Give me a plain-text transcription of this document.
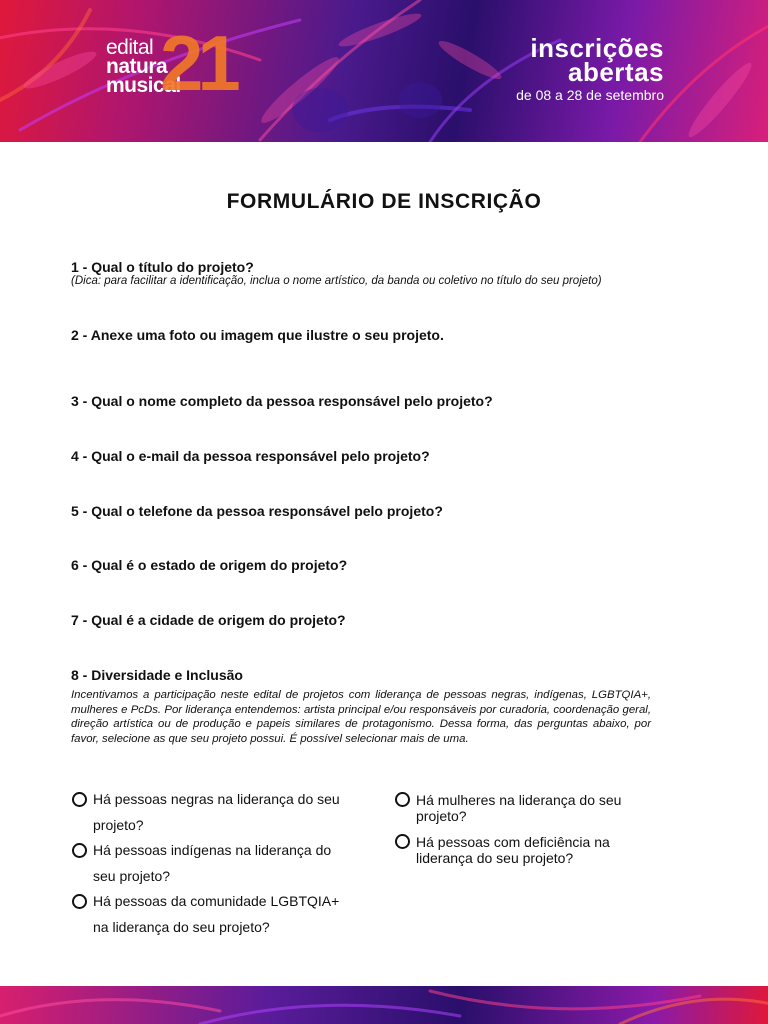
edital
natura
musical
21	inscrições
abertas
de 08 a 28 de setembro
FORMULÁRIO DE INSCRIÇÃO
1 - Qual o título do projeto?
(Dica: para facilitar a identificação, inclua o nome artístico, da banda ou coletivo no título do seu projeto)
2 - Anexe uma foto ou imagem que ilustre o seu projeto.
3 - Qual o nome completo da pessoa responsável pelo projeto?
4 - Qual o e-mail da pessoa responsável pelo projeto?
5 - Qual o telefone da pessoa responsável pelo projeto?
6 - Qual é o estado de origem do projeto?
7 - Qual é a cidade de origem do projeto?
8 - Diversidade e Inclusão
Incentivamos a participação neste edital de projetos com liderança de pessoas negras, indígenas, LGBTQIA+, mulheres e PcDs. Por liderança entendemos: artista principal e/ou responsáveis por curadoria, coordenação geral, direção artística ou de produção e papeis similares de protagonismo. Dessa forma, das perguntas abaixo, por favor, selecione as que seu projeto possui. É possível selecionar mais de uma.
Há pessoas negras na liderança do seu projeto?
Há pessoas indígenas na liderança do seu projeto?
Há pessoas da comunidade LGBTQIA+ na liderança do seu projeto?
Há mulheres na liderança do seu projeto?
Há pessoas com deficiência na liderança do seu projeto?
